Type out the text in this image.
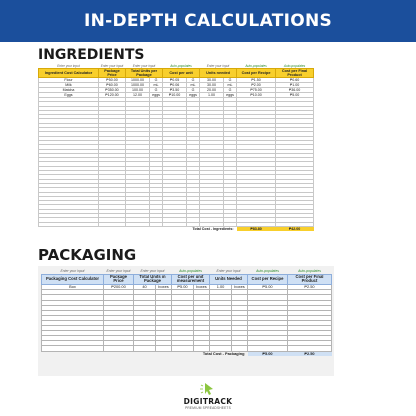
IN-DEPTH CALCULATIONS
INGREDIENTS
Enter your input	Enter your input	Enter your input		Auto-populates		Enter your input		Auto-populates	Auto-populates
Ingredient Cost Calculator	Package Price	Total Units per Package		Cost per unit		Units needed		Cost per Recipe	Cost per Final Product
Flour	₱50.00	1000.00	G	₱0.05	G	30.00	G	₱1.50	₱0.60
Milk	₱60.00	1000.00	mL	₱0.06	mL	30.00	mL	₱2.00	₱1.00
Matcha	₱350.00	100.00	G	₱3.50	G	20.00	G	₱75.00	₱36.00
Eggs	₱120.00	12.00	eggs	₱10.00	eggs	1.00	eggs	₱10.00	₱5.00

Total Cost - Ingredients:								₱83.80	₱42.00
PACKAGING
Enter your input	Enter your input	Enter your input		Auto-populates		Enter your input		Auto-populates	Auto-populates
Packaging Cost Calculator	Package Price	Total Units in Package		Cost per unit measurement		Units Needed		Cost per Recipe	Cost per Final Product
Box	₱200.00	40	boxes	₱5.00	boxes	1.00	boxes	₱5.00	₱2.50

Total Cost - Packaging								₱5.00	₱2.50
DIGITRACK
PREMIUM SPREADSHEETS
